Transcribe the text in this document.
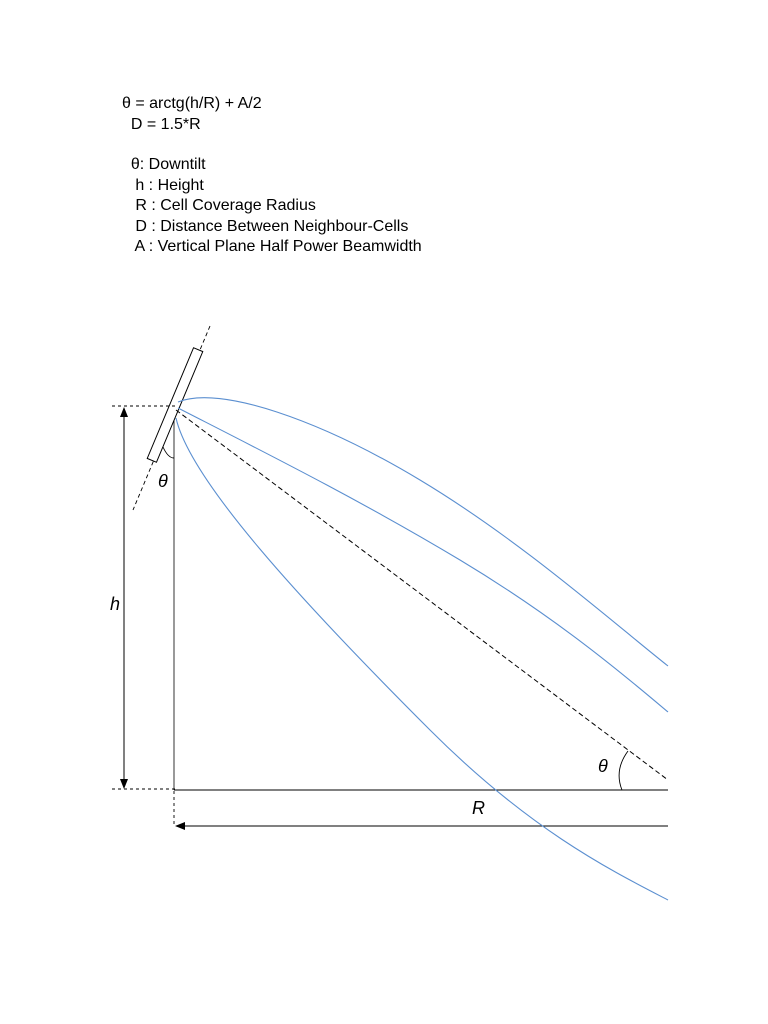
θ = arctg(h/R) + A/2
D = 1.5*R
θ: Downtilt
h : Height
R : Cell Coverage Radius
D : Distance Between Neighbour-Cells
A : Vertical Plane Half Power Beamwidth
θ
h
θ
R
